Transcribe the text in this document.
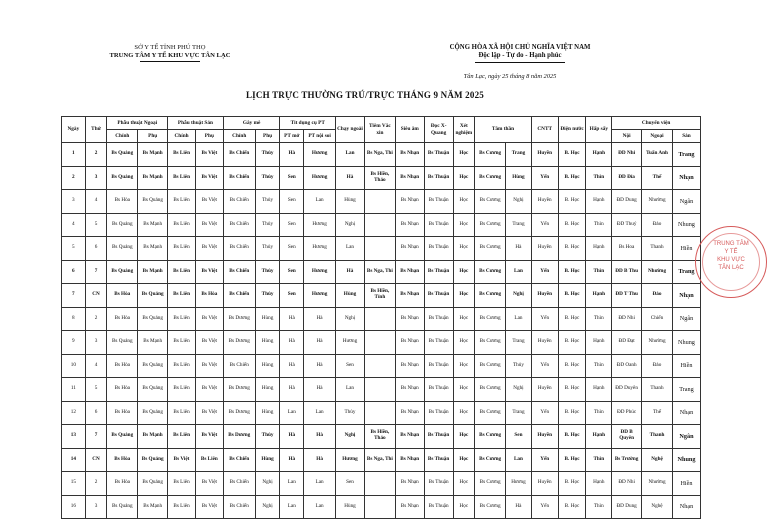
SỞ Y TẾ TỈNH PHÚ THỌ
TRUNG TÂM Y TẾ KHU VỰC TÂN LẠC
CỘNG HÒA XÃ HỘI CHỦ NGHĨA VIỆT NAM
Độc lập - Tự do - Hạnh phúc
Tân Lạc, ngày 25 tháng 8 năm 2025
LỊCH TRỰC THƯỜNG TRÚ/TRỰC THÁNG 9 NĂM 2025
Ngày	Thứ	Phẫu thuật Ngoại		Phẫu thuật Sản		Gây mê		Tit dụng cụ PT		Chạy ngoài	Tiêm Vắc xin	Siêu âm	Đọc X-Quang	Xét nghiệm	Tâm thần		CNTT	Điện nước	Hấp sấy	Chuyển viện		
		Chính	Phụ	Chính	Phụ	Chính	Phụ	PT mở	PT nội soi											Nội	Ngoại	Sản
1	2	Bs Quảng	Bs Mạnh	Bs Liên	Bs Việt	Bs Chiến	Thủy	Hà	Hương	Lan	Bs Nga, Thi	Bs Nhạn	Bs Thuận	Học	Bs Cương	Trang	Huyền	B. Học	Hạnh	ĐD Nhi	Tuấn Anh	Trang
2	3	Bs Quảng	Bs Mạnh	Bs Liên	Bs Việt	Bs Chiến	Thủy	Sen	Hương	Hà	Bs Hiền, Thảo	Bs Nhạn	Bs Thuận	Học	Bs Cương	Hùng	Yến	B. Học	Thìn	ĐD Đỉa	Thế	Nhạn
3	4	Bs Hòa	Bs Quảng	Bs Liên	Bs Việt	Bs Chiến	Thủy	Sen	Lan	Hùng		Bs Nhạn	Bs Thuận	Học	Bs Cương	Nghị	Huyền	B. Học	Hạnh	ĐD Dung	Nhường	Ngân
4	5	Bs Quảng	Bs Mạnh	Bs Liên	Bs Việt	Bs Chiến	Thủy	Sen	Hương	Nghị		Bs Nhạn	Bs Thuận	Học	Bs Cương	Trang	Yến	B. Học	Thìn	ĐD Thuý	Đảo	Nhung
5	6	Bs Quảng	Bs Mạnh	Bs Liên	Bs Việt	Bs Chiến	Thủy	Sen	Hương	Lan		Bs Nhạn	Bs Thuận	Học	Bs Cương	Hà	Huyền	B. Học	Hạnh	Bs Hoa	Thanh	Hiền
6	7	Bs Quảng	Bs Mạnh	Bs Liên	Bs Việt	Bs Chiến	Thủy	Sen	Hương	Hà	Bs Nga, Thi	Bs Nhạn	Bs Thuận	Học	Bs Cương	Lan	Yến	B. Học	Thìn	ĐD B Thu	Nhường	Trang
7	CN	Bs Hòa	Bs Quảng	Bs Liên	Bs Hòa	Bs Chiến	Thủy	Sen	Hương	Hùng	Bs Hiền, Tỉnh	Bs Nhạn	Bs Thuận	Học	Bs Cương	Nghị	Huyền	B. Học	Hạnh	ĐD T Thu	Đảo	Nhạn
8	2	Bs Hòa	Bs Quảng	Bs Liên	Bs Việt	Bs Dương	Hùng	Hà	Hà	Nghị		Bs Nhạn	Bs Thuận	Học	Bs Cương	Lan	Yến	B. Học	Thìn	ĐD Nhi	Chiến	Ngân
9	3	Bs Quảng	Bs Mạnh	Bs Liên	Bs Việt	Bs Dương	Hùng	Hà	Hà	Hương		Bs Nhạn	Bs Thuận	Học	Bs Cương	Trang	Huyền	B. Học	Hạnh	ĐD Đạt	Nhường	Nhung
10	4	Bs Hòa	Bs Quảng	Bs Liên	Bs Việt	Bs Chiến	Hùng	Hà	Hà	Sen		Bs Nhạn	Bs Thuận	Học	Bs Cương	Thủy	Yến	B. Học	Thìn	ĐD Oanh	Đảo	Hiền
11	5	Bs Hòa	Bs Quảng	Bs Liên	Bs Việt	Bs Dương	Hùng	Hà	Hà	Lan		Bs Nhạn	Bs Thuận	Học	Bs Cương	Nghị	Huyền	B. Học	Hạnh	ĐD Duyên	Thanh	Trang
12	6	Bs Hòa	Bs Quảng	Bs Liên	Bs Việt	Bs Dương	Hùng	Lan	Lan	Thủy		Bs Nhạn	Bs Thuận	Học	Bs Cương	Trang	Yến	B. Học	Thìn	ĐD Phúc	Thế	Nhạn
13	7	Bs Quảng	Bs Mạnh	Bs Liên	Bs Việt	Bs Dương	Thủy	Hà	Hà	Nghị	Bs Hiền, Thảo	Bs Nhạn	Bs Thuận	Học	Bs Cương	Sen	Huyền	B. Học	Hạnh	ĐD B Quyên	Thanh	Ngân
14	CN	Bs Hòa	Bs Quảng	Bs Việt	Bs Liên	Bs Chiến	Hùng	Hà	Hà	Hương	Bs Nga, Thi	Bs Nhạn	Bs Thuận	Học	Bs Cương	Lan	Yến	B. Học	Thìn	Bs Trường	Nghệ	Nhung
15	2	Bs Hòa	Bs Quảng	Bs Liên	Bs Việt	Bs Chiến	Nghị	Lan	Lan	Sen		Bs Nhạn	Bs Thuận	Học	Bs Cương	Hương	Huyền	B. Học	Hạnh	ĐD Nhi	Nhường	Hiền
16	3	Bs Quảng	Bs Mạnh	Bs Liên	Bs Việt	Bs Chiến	Nghị	Lan	Lan	Hùng		Bs Nhạn	Bs Thuận	Học	Bs Cương	Hà	Yến	B. Học	Thìn	ĐD Dung	Nghệ	Nhạn
TRUNG TÂM
Y TẾ
KHU VỰC
TÂN LẠC
